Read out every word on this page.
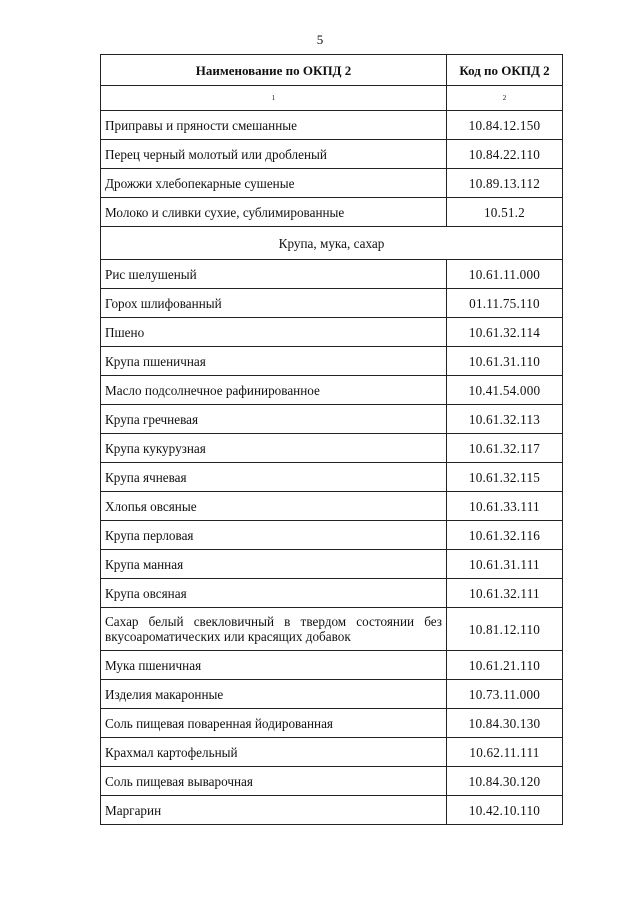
5
Наименование по ОКПД 2	Код по ОКПД 2
1	2
Приправы и пряности смешанные	10.84.12.150
Перец черный молотый или дробленый	10.84.22.110
Дрожжи хлебопекарные сушеные	10.89.13.112
Молоко и сливки сухие, сублимированные	10.51.2
Крупа, мука, сахар	
Рис шелушеный	10.61.11.000
Горох шлифованный	01.11.75.110
Пшено	10.61.32.114
Крупа пшеничная	10.61.31.110
Масло подсолнечное рафинированное	10.41.54.000
Крупа гречневая	10.61.32.113
Крупа кукурузная	10.61.32.117
Крупа ячневая	10.61.32.115
Хлопья овсяные	10.61.33.111
Крупа перловая	10.61.32.116
Крупа манная	10.61.31.111
Крупа овсяная	10.61.32.111
Сахар белый свекловичный в твердом состоянии без вкусоароматических или красящих добавок	10.81.12.110
Мука пшеничная	10.61.21.110
Изделия макаронные	10.73.11.000
Соль пищевая поваренная йодированная	10.84.30.130
Крахмал картофельный	10.62.11.111
Соль пищевая выварочная	10.84.30.120
Маргарин	10.42.10.110
